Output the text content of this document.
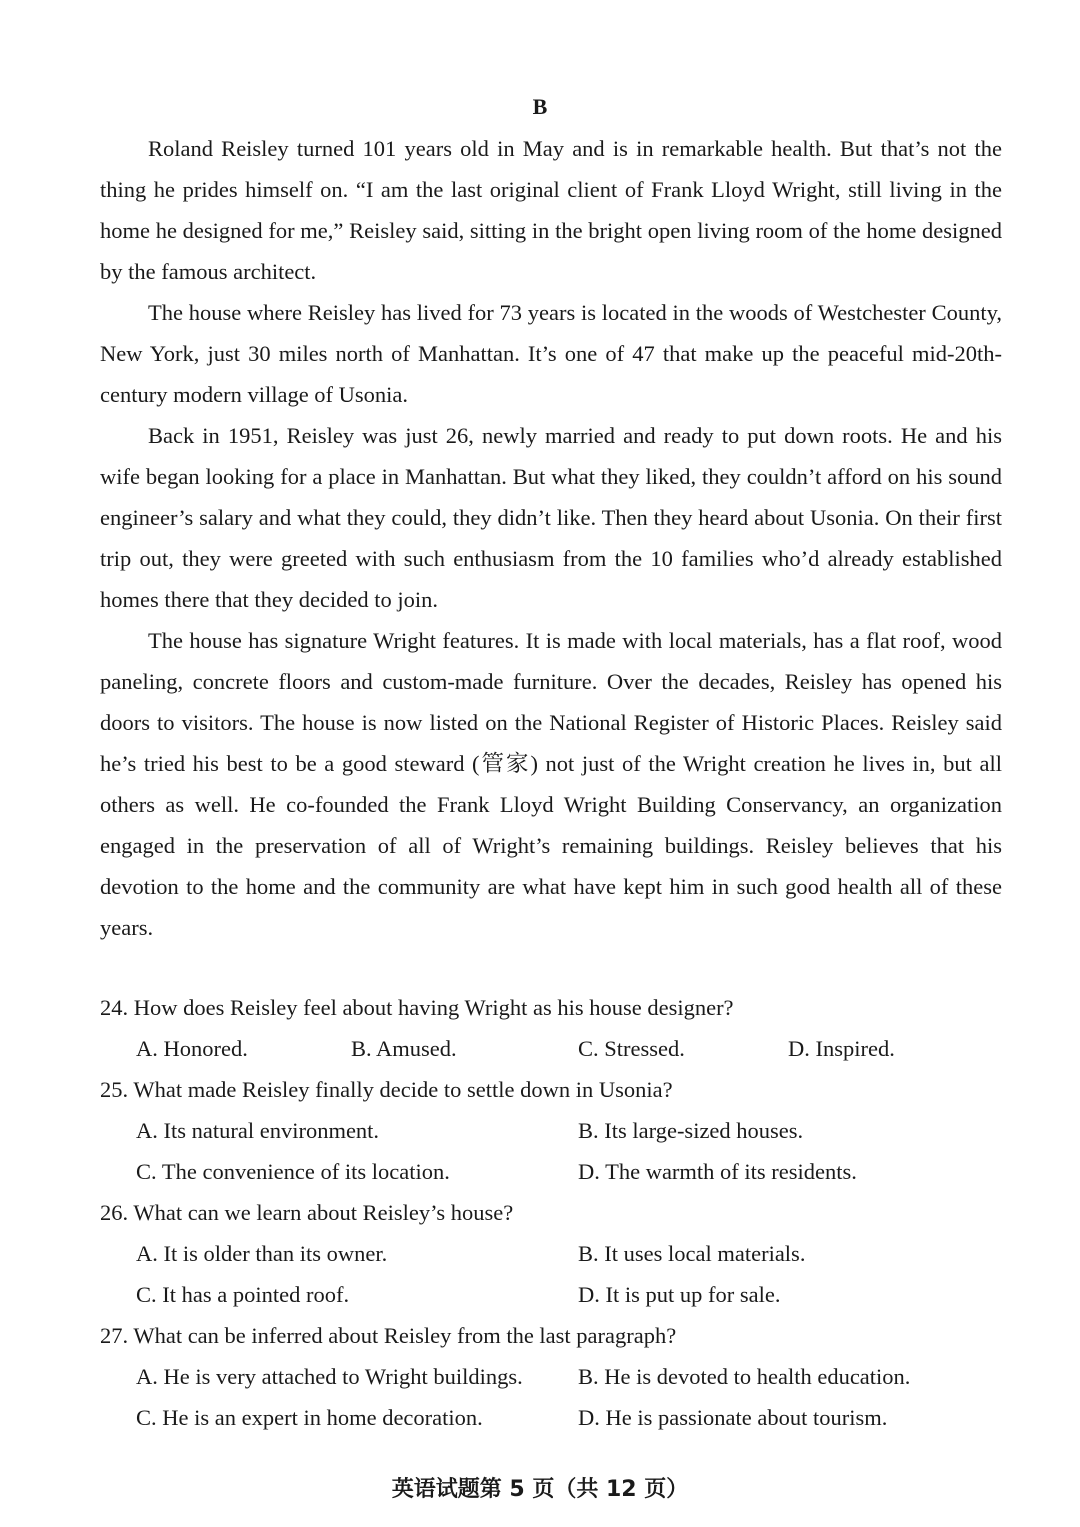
B

Roland Reisley turned 101 years old in May and is in remarkable health. But that’s not the thing he prides himself on. “I am the last original client of Frank Lloyd Wright, still living in the home he designed for me,” Reisley said, sitting in the bright open living room of the home designed by the famous architect.

The house where Reisley has lived for 73 years is located in the woods of Westchester County, New York, just 30 miles north of Manhattan. It’s one of 47 that make up the peaceful mid-20th-century modern village of Usonia.

Back in 1951, Reisley was just 26, newly married and ready to put down roots. He and his wife began looking for a place in Manhattan. But what they liked, they couldn’t afford on his sound engineer’s salary and what they could, they didn’t like. Then they heard about Usonia. On their first trip out, they were greeted with such enthusiasm from the 10 families who’d already established homes there that they decided to join.

The house has signature Wright features. It is made with local materials, has a flat roof, wood paneling, concrete floors and custom-made furniture. Over the decades, Reisley has opened his doors to visitors. The house is now listed on the National Register of Historic Places. Reisley said he’s tried his best to be a good steward (管家) not just of the Wright creation he lives in, but all others as well. He co-founded the Frank Lloyd Wright Building Conservancy, an organization engaged in the preservation of all of Wright’s remaining buildings. Reisley believes that his devotion to the home and the community are what have kept him in such good health all of these years.

24. How does Reisley feel about having Wright as his house designer?

A. Honored.	B. Amused.	C. Stressed.	D. Inspired.

25. What made Reisley finally decide to settle down in Usonia?

A. Its natural environment.	B. Its large-sized houses.
C. The convenience of its location.	D. The warmth of its residents.

26. What can we learn about Reisley’s house?

A. It is older than its owner.	B. It uses local materials.
C. It has a pointed roof.	D. It is put up for sale.

27. What can be inferred about Reisley from the last paragraph?

A. He is very attached to Wright buildings. B. He is devoted to health education.
C. He is an expert in home decoration.	D. He is passionate about tourism.
英语试题第 5 页（共 12 页）
